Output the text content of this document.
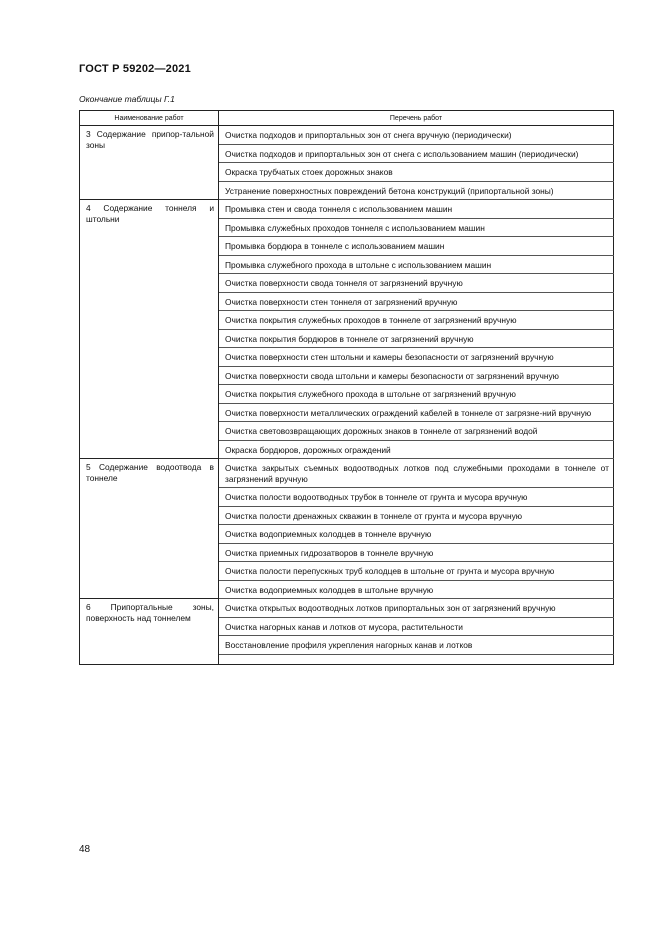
ГОСТ Р 59202—2021
Окончание таблицы Г.1
Наименование работ	Перечень работ
3 Содержание припор-тальной зоны	Очистка подходов и припортальных зон от снега вручную (периодически)
	Очистка подходов и припортальных зон от снега с использованием машин (периодически)
	Окраска трубчатых стоек дорожных знаков
	Устранение поверхностных повреждений бетона конструкций (припортальной зоны)
4 Содержание тоннеля и штольни	Промывка стен и свода тоннеля с использованием машин
	Промывка служебных проходов тоннеля с использованием машин
	Промывка бордюра в тоннеле с использованием машин
	Промывка служебного прохода в штольне с использованием машин
	Очистка поверхности свода тоннеля от загрязнений вручную
	Очистка поверхности стен тоннеля от загрязнений вручную
	Очистка покрытия служебных проходов в тоннеле от загрязнений вручную
	Очистка покрытия бордюров в тоннеле от загрязнений вручную
	Очистка поверхности стен штольни и камеры безопасности от загрязнений вручную
	Очистка поверхности свода штольни и камеры безопасности от загрязнений вручную
	Очистка покрытия служебного прохода в штольне от загрязнений вручную
	Очистка поверхности металлических ограждений кабелей в тоннеле от загрязне-ний вручную
	Очистка световозвращающих дорожных знаков в тоннеле от загрязнений водой
	Окраска бордюров, дорожных ограждений
5 Содержание водоотвода в тоннеле	Очистка закрытых съемных водоотводных лотков под служебными проходами в тоннеле от загрязнений вручную
	Очистка полости водоотводных трубок в тоннеле от грунта и мусора вручную
	Очистка полости дренажных скважин в тоннеле от грунта и мусора вручную
	Очистка водоприемных колодцев в тоннеле вручную
	Очистка приемных гидрозатворов в тоннеле вручную
	Очистка полости перепускных труб колодцев в штольне от грунта и мусора вручную
	Очистка водоприемных колодцев в штольне вручную
6 Припортальные зоны, поверхность над тоннелем	Очистка открытых водоотводных лотков припортальных зон от загрязнений вручную
	Очистка нагорных канав и лотков от мусора, растительности
	Восстановление профиля укрепления нагорных канав и лотков

48
